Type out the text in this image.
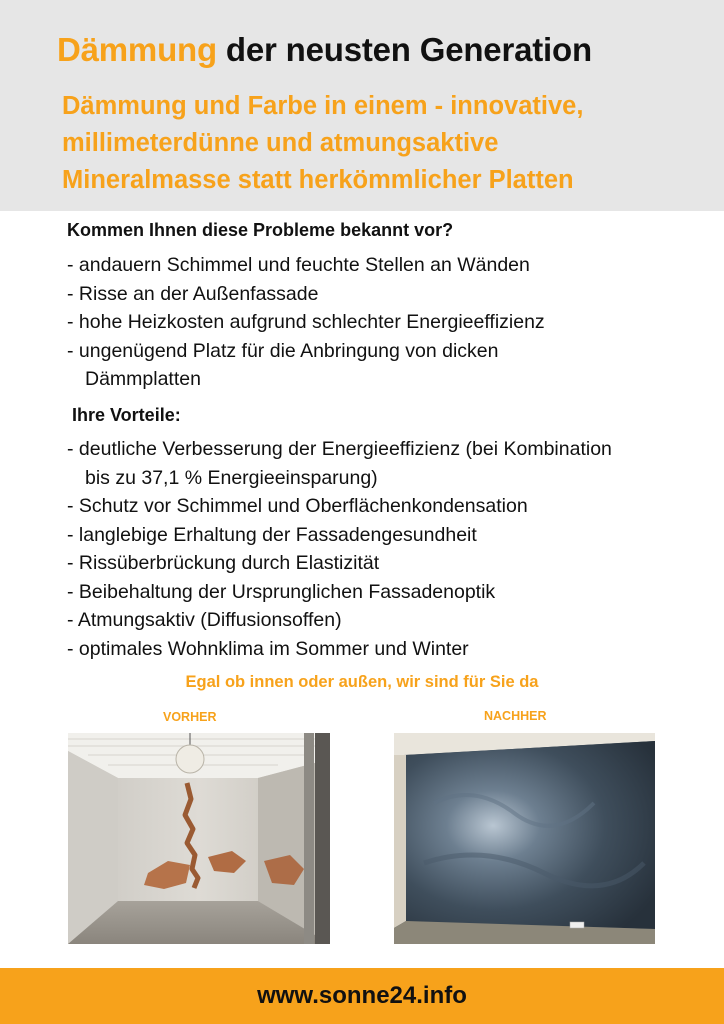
Dämmung der neusten Generation
Dämmung und Farbe in einem - innovative,
millimeterdünne und atmungsaktive
Mineralmasse statt herkömmlicher Platten
Kommen Ihnen diese Probleme bekannt vor?
- andauern Schimmel und feuchte Stellen an Wänden
- Risse an der Außenfassade
- hohe Heizkosten aufgrund schlechter Energieeffizienz
- ungenügend Platz für die Anbringung von dicken
Dämmplatten
Ihre Vorteile:
- deutliche Verbesserung der Energieeffizienz (bei Kombination
bis zu 37,1 % Energieeinsparung)
- Schutz vor Schimmel und Oberflächenkondensation
- langlebige Erhaltung der Fassadengesundheit
- Rissüberbrückung durch Elastizität
- Beibehaltung der Ursprunglichen Fassadenoptik
- Atmungsaktiv (Diffusionsoffen)
- optimales Wohnklima im Sommer und Winter

Egal ob innen oder außen, wir sind für Sie da

VORHER	NACHHER

www.sonne24.info
